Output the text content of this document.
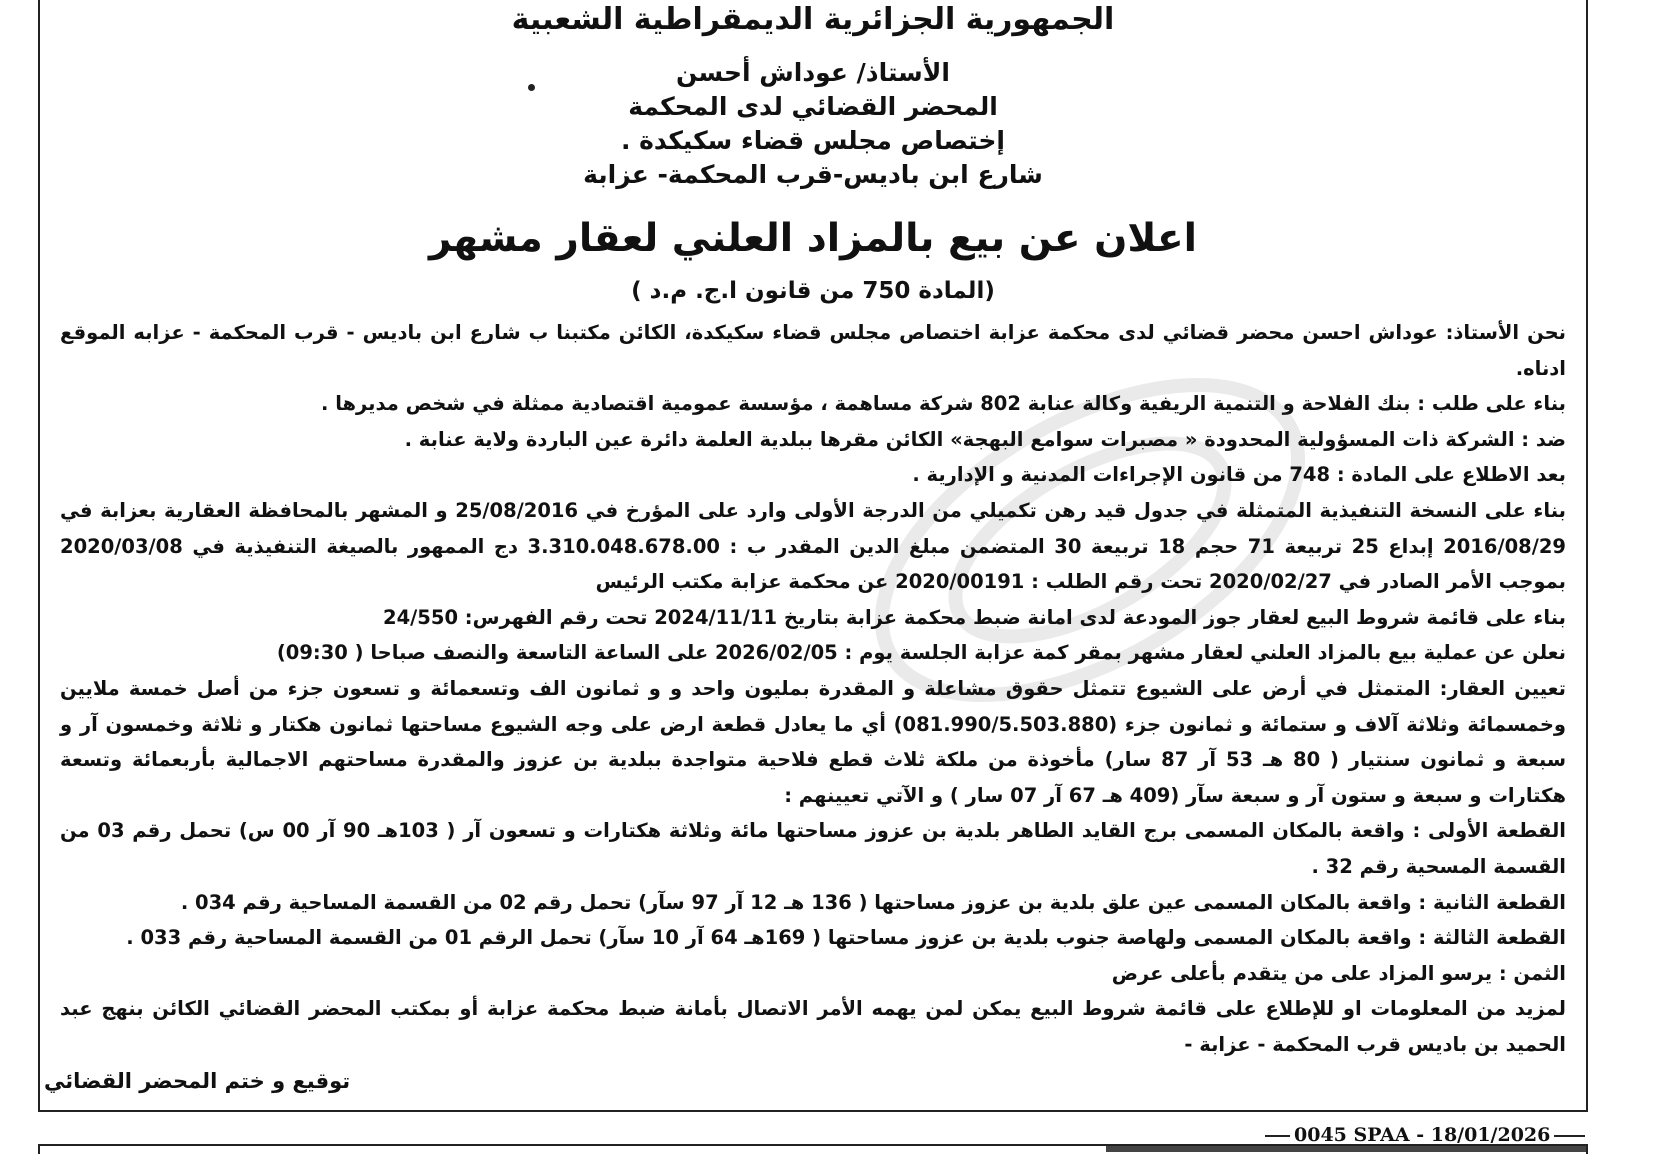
الجمهورية الجزائرية الديمقراطية الشعبية
الأستاذ/ عوداش أحسن
المحضر القضائي لدى المحكمة
إختصاص مجلس قضاء سكيكدة .
شارع ابن باديس-قرب المحكمة- عزابة
اعلان عن بيع بالمزاد العلني لعقار مشهر
(المادة 750 من قانون ا.ج. م.د )

نحن الأستاذ: عوداش احسن محضر قضائي لدى محكمة عزابة اختصاص مجلس قضاء سكيكدة، الكائن مكتبنا ب شارع ابن باديس - قرب المحكمة - عزابه الموقع ادناه.

بناء على طلب : بنك الفلاحة و التنمية الريفية وكالة عنابة 802 شركة مساهمة ، مؤسسة عمومية اقتصادية ممثلة في شخص مديرها .

ضد : الشركة ذات المسؤولية المحدودة « مصبرات سوامع البهجة» الكائن مقرها ببلدية العلمة دائرة عين الباردة ولاية عنابة .

بعد الاطلاع على المادة : 748 من قانون الإجراءات المدنية و الإدارية .

بناء على النسخة التنفيذية المتمثلة في جدول قيد رهن تكميلي من الدرجة الأولى وارد على المؤرخ في 25/08/2016 و المشهر بالمحافظة العقارية بعزابة في 2016/08/29 إبداع 25 تربيعة 71 حجم 18 تربيعة 30 المتضمن مبلغ الدين المقدر ب : 3.310.048.678.00 دج الممهور بالصيغة التنفيذية في 2020/03/08 بموجب الأمر الصادر في 2020/02/27 تحت رقم الطلب : 2020/00191 عن محكمة عزابة مكتب الرئيس

بناء على قائمة شروط البيع لعقار جوز المودعة لدى امانة ضبط محكمة عزابة بتاريخ 2024/11/11 تحت رقم الفهرس: 24/550

نعلن عن عملية بيع بالمزاد العلني لعقار مشهر بمقر كمة عزابة الجلسة يوم : 2026/02/05 على الساعة التاسعة والنصف صباحا ( 09:30)

تعيين العقار: المتمثل في أرض على الشيوع تتمثل حقوق مشاعلة و المقدرة بمليون واحد و و ثمانون الف وتسعمائة و تسعون جزء من أصل خمسة ملايين وخمسمائة وثلاثة آلاف و ستمائة و ثمانون جزء (081.990/5.503.880) أي ما يعادل قطعة ارض على وجه الشيوع مساحتها ثمانون هكتار و ثلاثة وخمسون آر و سبعة و ثمانون سنتيار ( 80 هـ 53 آر 87 سار) مأخوذة من ملكة ثلاث قطع فلاحية متواجدة ببلدية بن عزوز والمقدرة مساحتهم الاجمالية بأربعمائة وتسعة هكتارات و سبعة و ستون آر و سبعة سآر (409 هـ 67 آر 07 سار ) و الآتي تعيينهم :

القطعة الأولى : واقعة بالمكان المسمى برج القايد الطاهر بلدية بن عزوز مساحتها مائة وثلاثة هكتارات و تسعون آر ( 103هـ 90 آر 00 س) تحمل رقم 03 من القسمة المسحية رقم 32 .

القطعة الثانية : واقعة بالمكان المسمى عين علق بلدية بن عزوز مساحتها ( 136 هـ 12 آر 97 سآر) تحمل رقم 02 من القسمة المساحية رقم 034 .

القطعة الثالثة : واقعة بالمكان المسمى ولهاصة جنوب بلدية بن عزوز مساحتها ( 169هـ 64 آر 10 سآر) تحمل الرقم 01 من القسمة المساحية رقم 033 .

الثمن : يرسو المزاد على من يتقدم بأعلى عرض

لمزيد من المعلومات او للإطلاع على قائمة شروط البيع يمكن لمن يهمه الأمر الاتصال بأمانة ضبط محكمة عزابة أو بمكتب المحضر القضائي الكائن بنهج عبد الحميد بن باديس قرب المحكمة - عزابة -

توقيع و ختم المحضر القضائي
0045 SPAA - 18/01/2026
